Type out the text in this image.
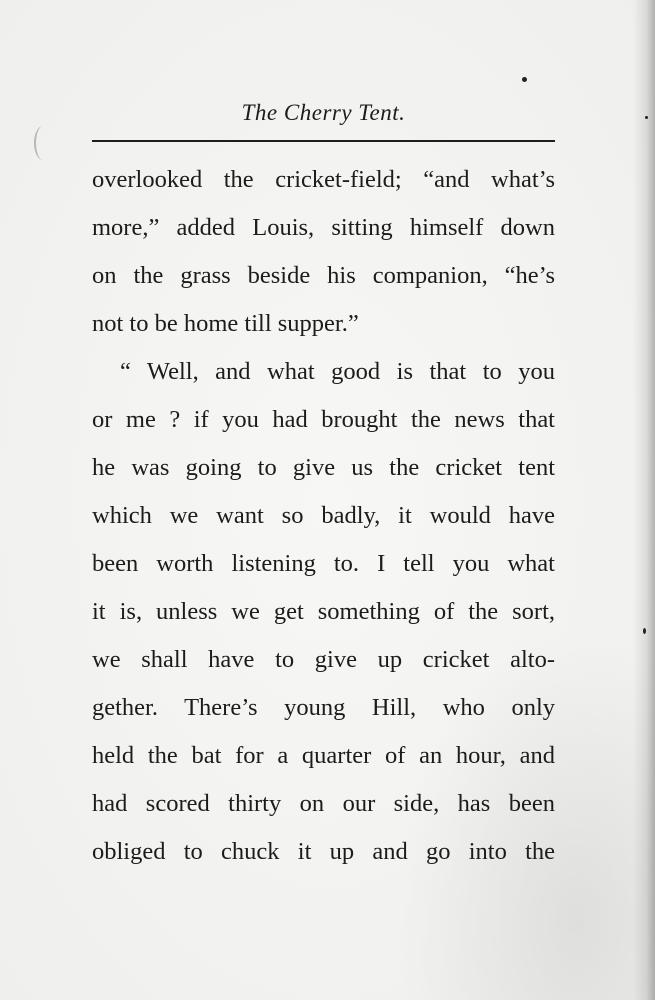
The Cherry Tent.
overlooked the cricket-field; “and what’s
more,” added Louis, sitting himself down
on the grass beside his companion, “he’s
not to be home till supper.”
“ Well, and what good is that to you
or me ? if you had brought the news that
he was going to give us the cricket tent
which we want so badly, it would have
been worth listening to. I tell you what
it is, unless we get something of the sort,
we shall have to give up cricket alto-
gether. There’s young Hill, who only
held the bat for a quarter of an hour, and
had scored thirty on our side, has been
obliged to chuck it up and go into the
